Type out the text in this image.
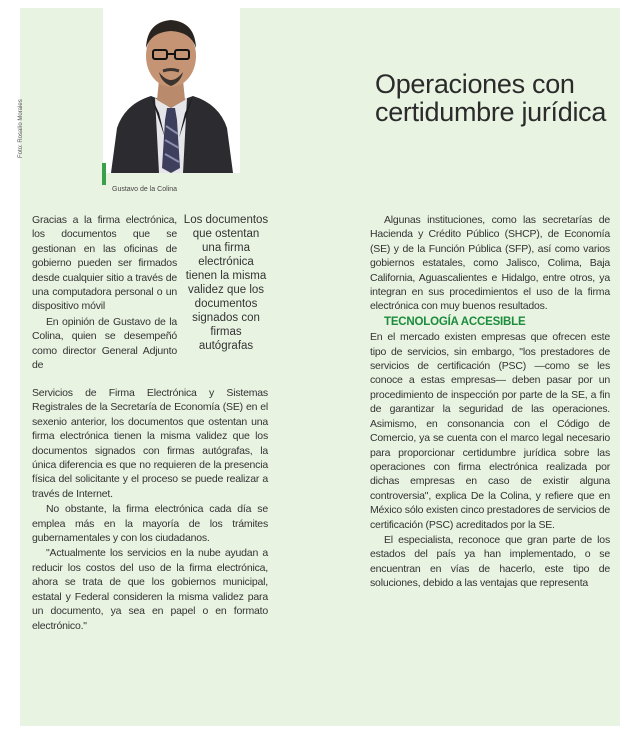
Foto: Rosalío Morales
Gustavo de la Colina
Operaciones con certidumbre jurídica

Gracias a la firma electrónica, los documentos que se gestionan en las oficinas de gobierno pueden ser firmados desde cualquier sitio a través de una computadora personal o un dispositivo móvil

En opinión de Gustavo de la Colina, quien se desempeñó como director General Adjunto de

Los documentos que ostentan una firma electrónica tienen la misma validez que los documentos signados con firmas autógrafas

Servicios de Firma Electrónica y Sistemas Registrales de la Secretaría de Economía (SE) en el sexenio anterior, los documentos que ostentan una firma electrónica tienen la misma validez que los documentos signados con firmas autógrafas, la única diferencia es que no requieren de la presencia física del solicitante y el proceso se puede realizar a través de Internet.

No obstante, la firma electrónica cada día se emplea más en la mayoría de los trámites gubernamentales y con los ciudadanos.

"Actualmente los servicios en la nube ayudan a reducir los costos del uso de la firma electrónica, ahora se trata de que los gobiernos municipal, estatal y Federal consideren la misma validez para un documento, ya sea en papel o en formato electrónico."

Algunas instituciones, como las secretarías de Hacienda y Crédito Público (SHCP), de Economía (SE) y de la Función Pública (SFP), así como varios gobiernos estatales, como Jalisco, Colima, Baja California, Aguascalientes e Hidalgo, entre otros, ya integran en sus procedimientos el uso de la firma electrónica con muy buenos resultados.

TECNOLOGÍA ACCESIBLE

En el mercado existen empresas que ofrecen este tipo de servicios, sin embargo, "los prestadores de servicios de certificación (PSC) —como se les conoce a estas empresas— deben pasar por un procedimiento de inspección por parte de la SE, a fin de garantizar la seguridad de las operaciones. Asimismo, en consonancia con el Código de Comercio, ya se cuenta con el marco legal necesario para proporcionar certidumbre jurídica sobre las operaciones con firma electrónica realizada por dichas empresas en caso de existir alguna controversia", explica De la Colina, y refiere que en México sólo existen cinco prestadores de servicios de certificación (PSC) acreditados por la SE.

El especialista, reconoce que gran parte de los estados del país ya han implementado, o se encuentran en vías de hacerlo, este tipo de soluciones, debido a las ventajas que representa
